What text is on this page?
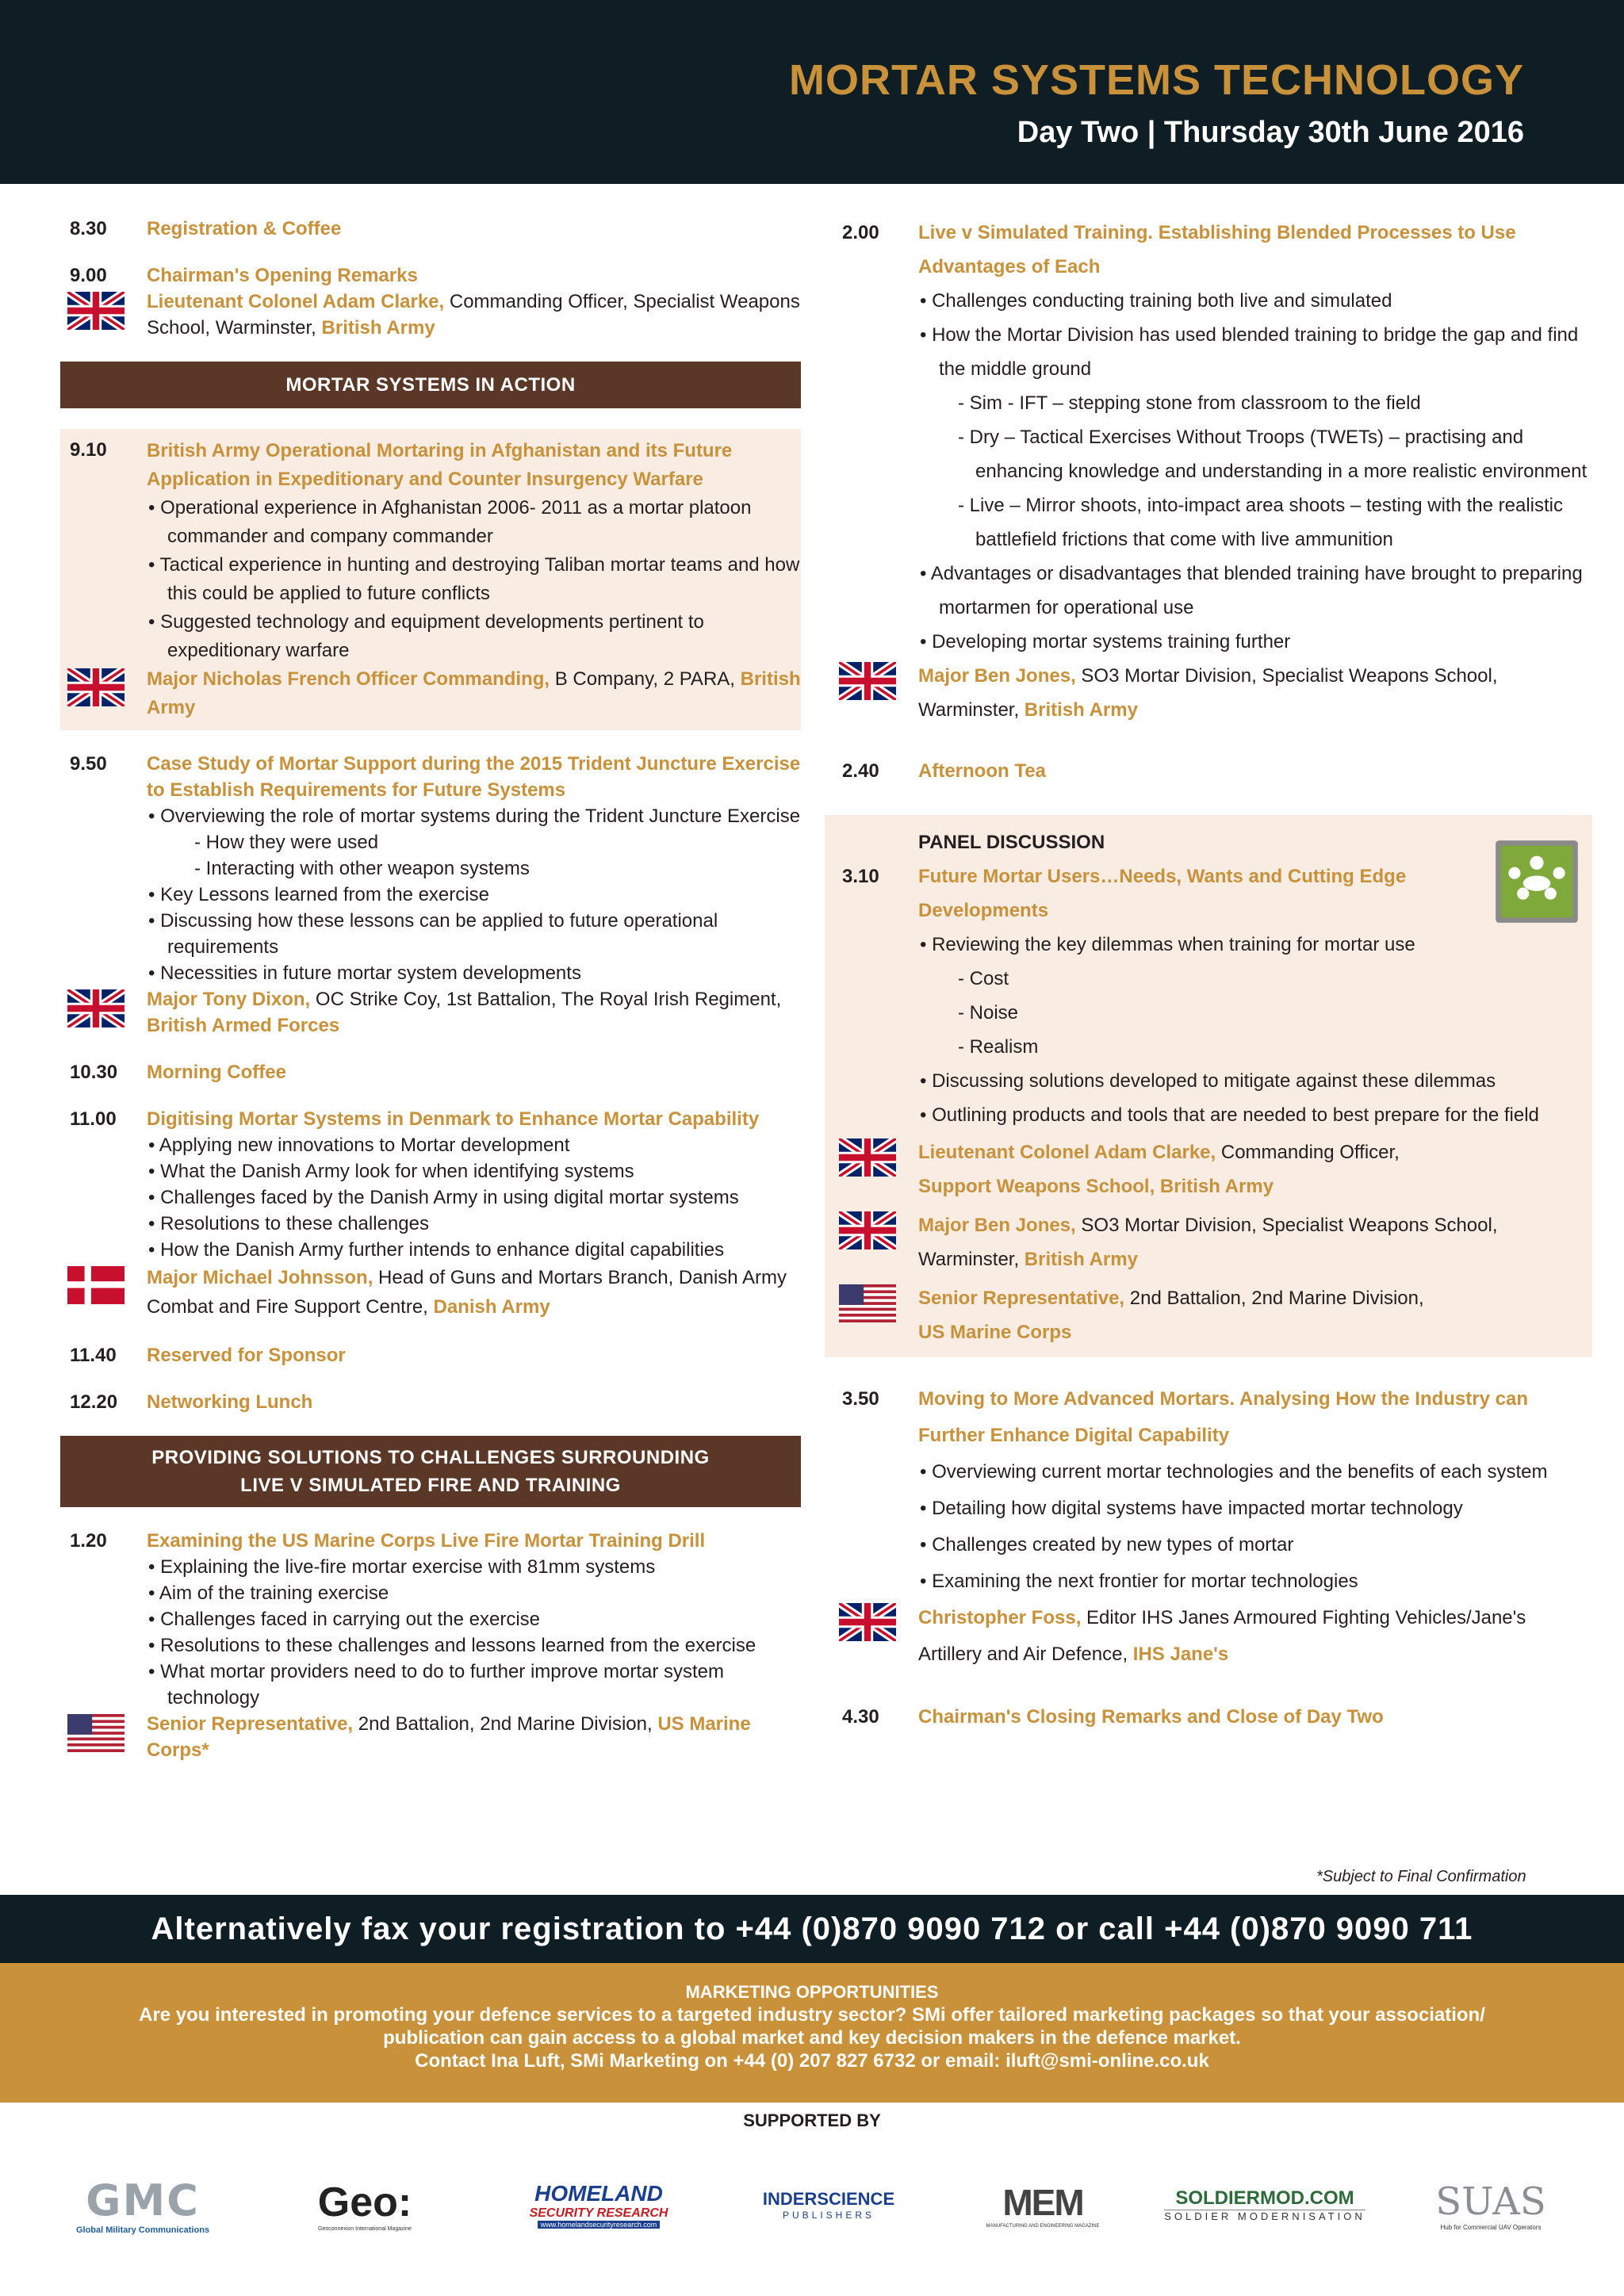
MORTAR SYSTEMS TECHNOLOGY
Day Two | Thursday 30th June 2016
8.30 Registration & Coffee
9.00 Chairman's Opening Remarks
Lieutenant Colonel Adam Clarke, Commanding Officer, Specialist Weapons School, Warminster, British Army
MORTAR SYSTEMS IN ACTION
9.10 British Army Operational Mortaring in Afghanistan and its Future Application in Expeditionary and Counter Insurgency Warfare
• Operational experience in Afghanistan 2006- 2011 as a mortar platoon commander and company commander
• Tactical experience in hunting and destroying Taliban mortar teams and how this could be applied to future conflicts
• Suggested technology and equipment developments pertinent to expeditionary warfare
Major Nicholas French Officer Commanding, B Company, 2 PARA, British Army
9.50 Case Study of Mortar Support during the 2015 Trident Juncture Exercise to Establish Requirements for Future Systems
• Overviewing the role of mortar systems during the Trident Juncture Exercise
- How they were used
- Interacting with other weapon systems
• Key Lessons learned from the exercise
• Discussing how these lessons can be applied to future operational requirements
• Necessities in future mortar system developments
Major Tony Dixon, OC Strike Coy, 1st Battalion, The Royal Irish Regiment, British Armed Forces
10.30 Morning Coffee
11.00 Digitising Mortar Systems in Denmark to Enhance Mortar Capability
• Applying new innovations to Mortar development
• What the Danish Army look for when identifying systems
• Challenges faced by the Danish Army in using digital mortar systems
• Resolutions to these challenges
• How the Danish Army further intends to enhance digital capabilities
Major Michael Johnsson, Head of Guns and Mortars Branch, Danish Army Combat and Fire Support Centre, Danish Army
11.40 Reserved for Sponsor
12.20 Networking Lunch
PROVIDING SOLUTIONS TO CHALLENGES SURROUNDING LIVE V SIMULATED FIRE AND TRAINING
1.20 Examining the US Marine Corps Live Fire Mortar Training Drill
• Explaining the live-fire mortar exercise with 81mm systems
• Aim of the training exercise
• Challenges faced in carrying out the exercise
• Resolutions to these challenges and lessons learned from the exercise
• What mortar providers need to do to further improve mortar system technology
Senior Representative, 2nd Battalion, 2nd Marine Division, US Marine Corps*
2.00 Live v Simulated Training. Establishing Blended Processes to Use Advantages of Each
• Challenges conducting training both live and simulated
• How the Mortar Division has used blended training to bridge the gap and find the middle ground
- Sim - IFT – stepping stone from classroom to the field
- Dry – Tactical Exercises Without Troops (TWETs) – practising and enhancing knowledge and understanding in a more realistic environment
- Live – Mirror shoots, into-impact area shoots – testing with the realistic battlefield frictions that come with live ammunition
• Advantages or disadvantages that blended training have brought to preparing mortarmen for operational use
• Developing mortar systems training further
Major Ben Jones, SO3 Mortar Division, Specialist Weapons School, Warminster, British Army
2.40 Afternoon Tea
PANEL DISCUSSION
3.10 Future Mortar Users…Needs, Wants and Cutting Edge Developments
• Reviewing the key dilemmas when training for mortar use
- Cost
- Noise
- Realism
• Discussing solutions developed to mitigate against these dilemmas
• Outlining products and tools that are needed to best prepare for the field
Lieutenant Colonel Adam Clarke, Commanding Officer,
Support Weapons School, British Army
Major Ben Jones, SO3 Mortar Division, Specialist Weapons School, Warminster, British Army
Senior Representative, 2nd Battalion, 2nd Marine Division,
US Marine Corps
3.50 Moving to More Advanced Mortars. Analysing How the Industry can Further Enhance Digital Capability
• Overviewing current mortar technologies and the benefits of each system
• Detailing how digital systems have impacted mortar technology
• Challenges created by new types of mortar
• Examining the next frontier for mortar technologies
Christopher Foss, Editor IHS Janes Armoured Fighting Vehicles/Jane's Artillery and Air Defence, IHS Jane's
4.30 Chairman's Closing Remarks and Close of Day Two
*Subject to Final Confirmation
Alternatively fax your registration to +44 (0)870 9090 712 or call +44 (0)870 9090 711
MARKETING OPPORTUNITIES
Are you interested in promoting your defence services to a targeted industry sector? SMi offer tailored marketing packages so that your association/
publication can gain access to a global market and key decision makers in the defence market.
Contact Ina Luft, SMi Marketing on +44 (0) 207 827 6732 or email: iluft@smi-online.co.uk
SUPPORTED BY
GMC
Global Military Communications
Geo:
Geoconnexion International Magazine
HOMELAND
SECURITY RESEARCH
www.homelandsecurityresearch.com
INDERSCIENCE
PUBLISHERS	MEM
MANUFACTURING AND ENGINEERING MAGAZINE
SOLDIERMOD.COM
SOLDIER MODERNISATION SUAS
Hub for Commercial UAV Operators
